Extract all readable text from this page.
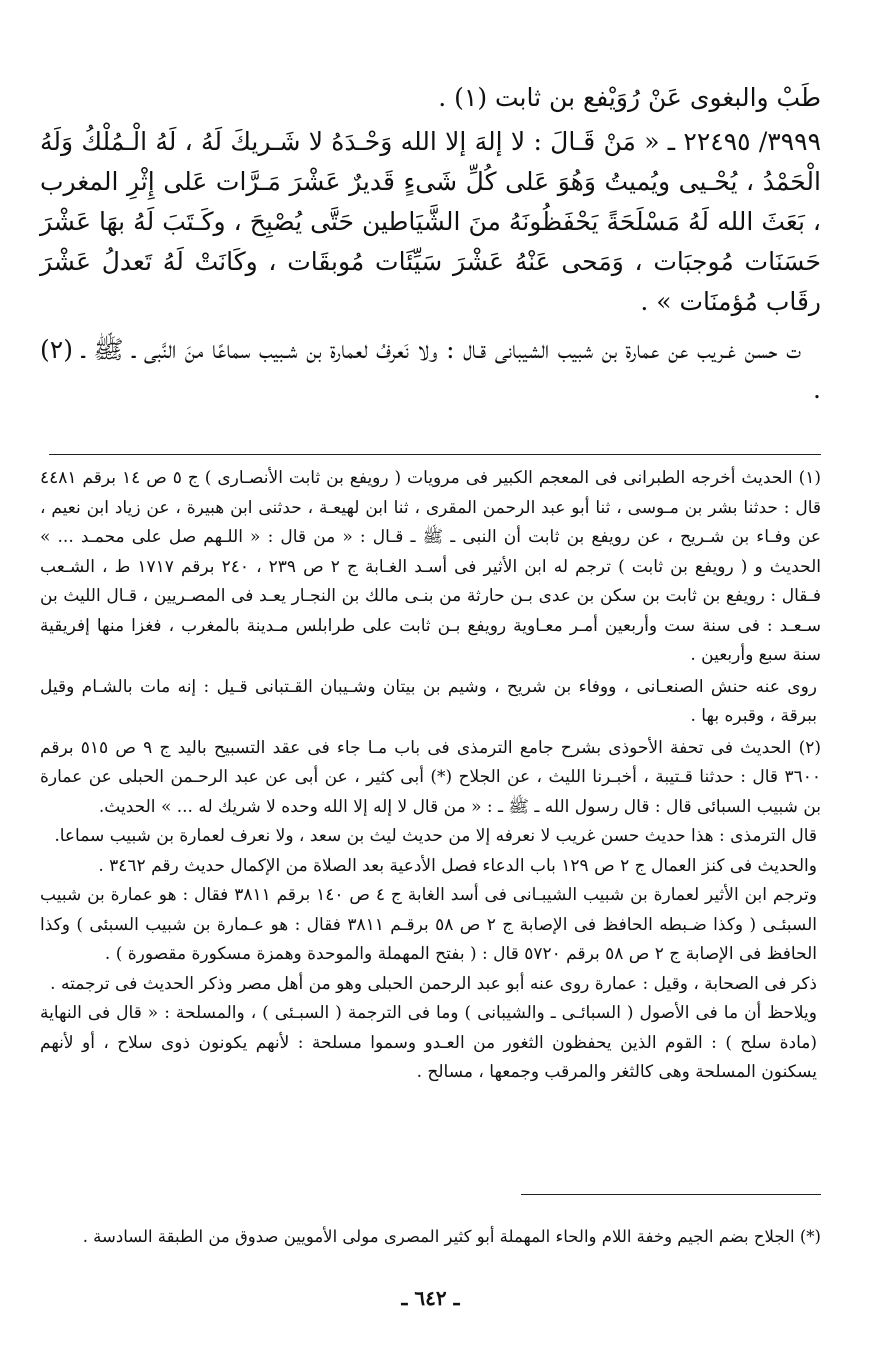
طَبْ والبغوى عَنْ رُوَيْفع بن ثابت (١) .

٣٩٩٩/ ٢٢٤٩٥ ـ « مَنْ قَـالَ : لا إلهَ إلا الله وَحْـدَهُ لا شَـريكَ لَهُ ، لَهُ الْـمُلْكُ وَلَهُ الْحَمْدُ ، يُحْـيى ويُميتُ وَهُوَ عَلى كُلِّ شَىءٍ قَديرٌ عَشْرَ مَـرَّات عَلى إِثْرِ المغرب ، بَعَثَ الله لَهُ مَسْلَحَةً يَحْفَظُونَهُ منَ الشَّيَاطين حَتَّى يُصْبِحَ ، وكَـتَبَ لَهُ بهَا عَشْرَ حَسَنَات مُوجبَات ، وَمَحى عَنْهُ عَشْرَ سَيِّئَات مُوبقَات ، وكَانَتْ لَهُ تَعدلُ عَشْرَ رقَاب مُؤمنَات » .

ت حسن غـريب عن عمارة بن شبيب الشيبانى قـال : ولا نَعرفُ لعمارة بن شـبيب سماعًا منَ النَّبى ـ ﷺ ـ (٢) .

(١) الحديث أخرجه الطبرانى فى المعجم الكبير فى مرويات ( رويفع بن ثابت الأنصـارى ) ج ٥ ص ١٤ برقم ٤٤٨١ قال : حدثنا بشر بن مـوسى ، ثنا أبو عبد الرحمن المقرى ، ثنا ابن لهيعـة ، حدثنى ابن هبيرة ، عن زياد ابن نعيم ، عن وفـاء بن شـريح ، عن رويفع بن ثابت أن النبى ـ ﷺ ـ قـال : « من قال : « اللـهم صل على محمـد ... » الحديث و ( رويفع بن ثابت ) ترجم له ابن الأثير فى أسـد الغـابة ج ٢ ص ٢٣٩ ، ٢٤٠ برقم ١٧١٧ ط ، الشـعب فـقال : رويفع بن ثابت بن سكن بن عدى بـن حارثة من بنـى مالك بن النجـار يعـد فى المصـريين ، قـال الليث بن سـعـد : فى سنة ست وأربعين أمـر معـاوية رويفع بـن ثابت على طرابلس مـدينة بالمغرب ، فغزا منها إفريقية سنة سبع وأربعين .

روى عنه حنش الصنعـانى ، ووفاء بن شريح ، وشيم بن بيتان وشـيبان القـتبانى قـيل : إنه مات بالشـام وقيل ببرقة ، وقبره بها .

(٢) الحديث فى تحفة الأحوذى بشرح جامع الترمذى فى باب مـا جاء فى عقد التسبيح باليد ج ٩ ص ٥١٥ برقم ٣٦٠٠ قال : حدثنا قـتيبة ، أخبـرنا الليث ، عن الجلاح (*) أبى كثير ، عن أبى عن عبد الرحـمن الحبلى عن عمارة بن شبيب السبائى قال : قال رسول الله ـ ﷺ ـ : « من قال لا إله إلا الله وحده لا شريك له ... » الحديث.

قال الترمذى : هذا حديث حسن غريب لا نعرفه إلا من حديث ليث بن سعد ، ولا نعرف لعمارة بن شبيب سماعا.

والحديث فى كنز العمال ج ٢ ص ١٢٩ باب الدعاء فصل الأدعية بعد الصلاة من الإكمال حديث رقم ٣٤٦٢ .

وترجم ابن الأثير لعمارة بن شبيب الشيبـانى فى أسد الغابة ج ٤ ص ١٤٠ برقم ٣٨١١ فقال : هو عمارة بن شبيب السبئـى ( وكذا ضـبطه الحافظ فى الإصابة ج ٢ ص ٥٨ برقـم ٣٨١١ فقال : هو عـمارة بن شبيب السبئى ) وكذا الحافظ فى الإصابة ج ٢ ص ٥٨ برقم ٥٧٢٠ قال : ( بفتح المهملة والموحدة وهمزة مسكورة مقصورة ) .

ذكر فى الصحابة ، وقيل : عمارة روى عنه أبو عبد الرحمن الحبلى وهو من أهل مصر وذكر الحديث فى ترجمته .

ويلاحظ أن ما فى الأصول ( السبائـى ـ والشيبانى ) وما فى الترجمة ( السبـئى ) ، والمسلحة : « قال فى النهاية (مادة سلح ) : القوم الذين يحفظون الثغور من العـدو وسموا مسلحة : لأنهم يكونون ذوى سلاح ، أو لأنهم يسكنون المسلحة وهى كالثغر والمرقب وجمعها ، مسالح .

(*) الجلاح بضم الجيم وخفة اللام والحاء المهملة أبو كثير المصرى مولى الأمويين صدوق من الطبقة السادسة .

ـ ٦٤٢ ـ
